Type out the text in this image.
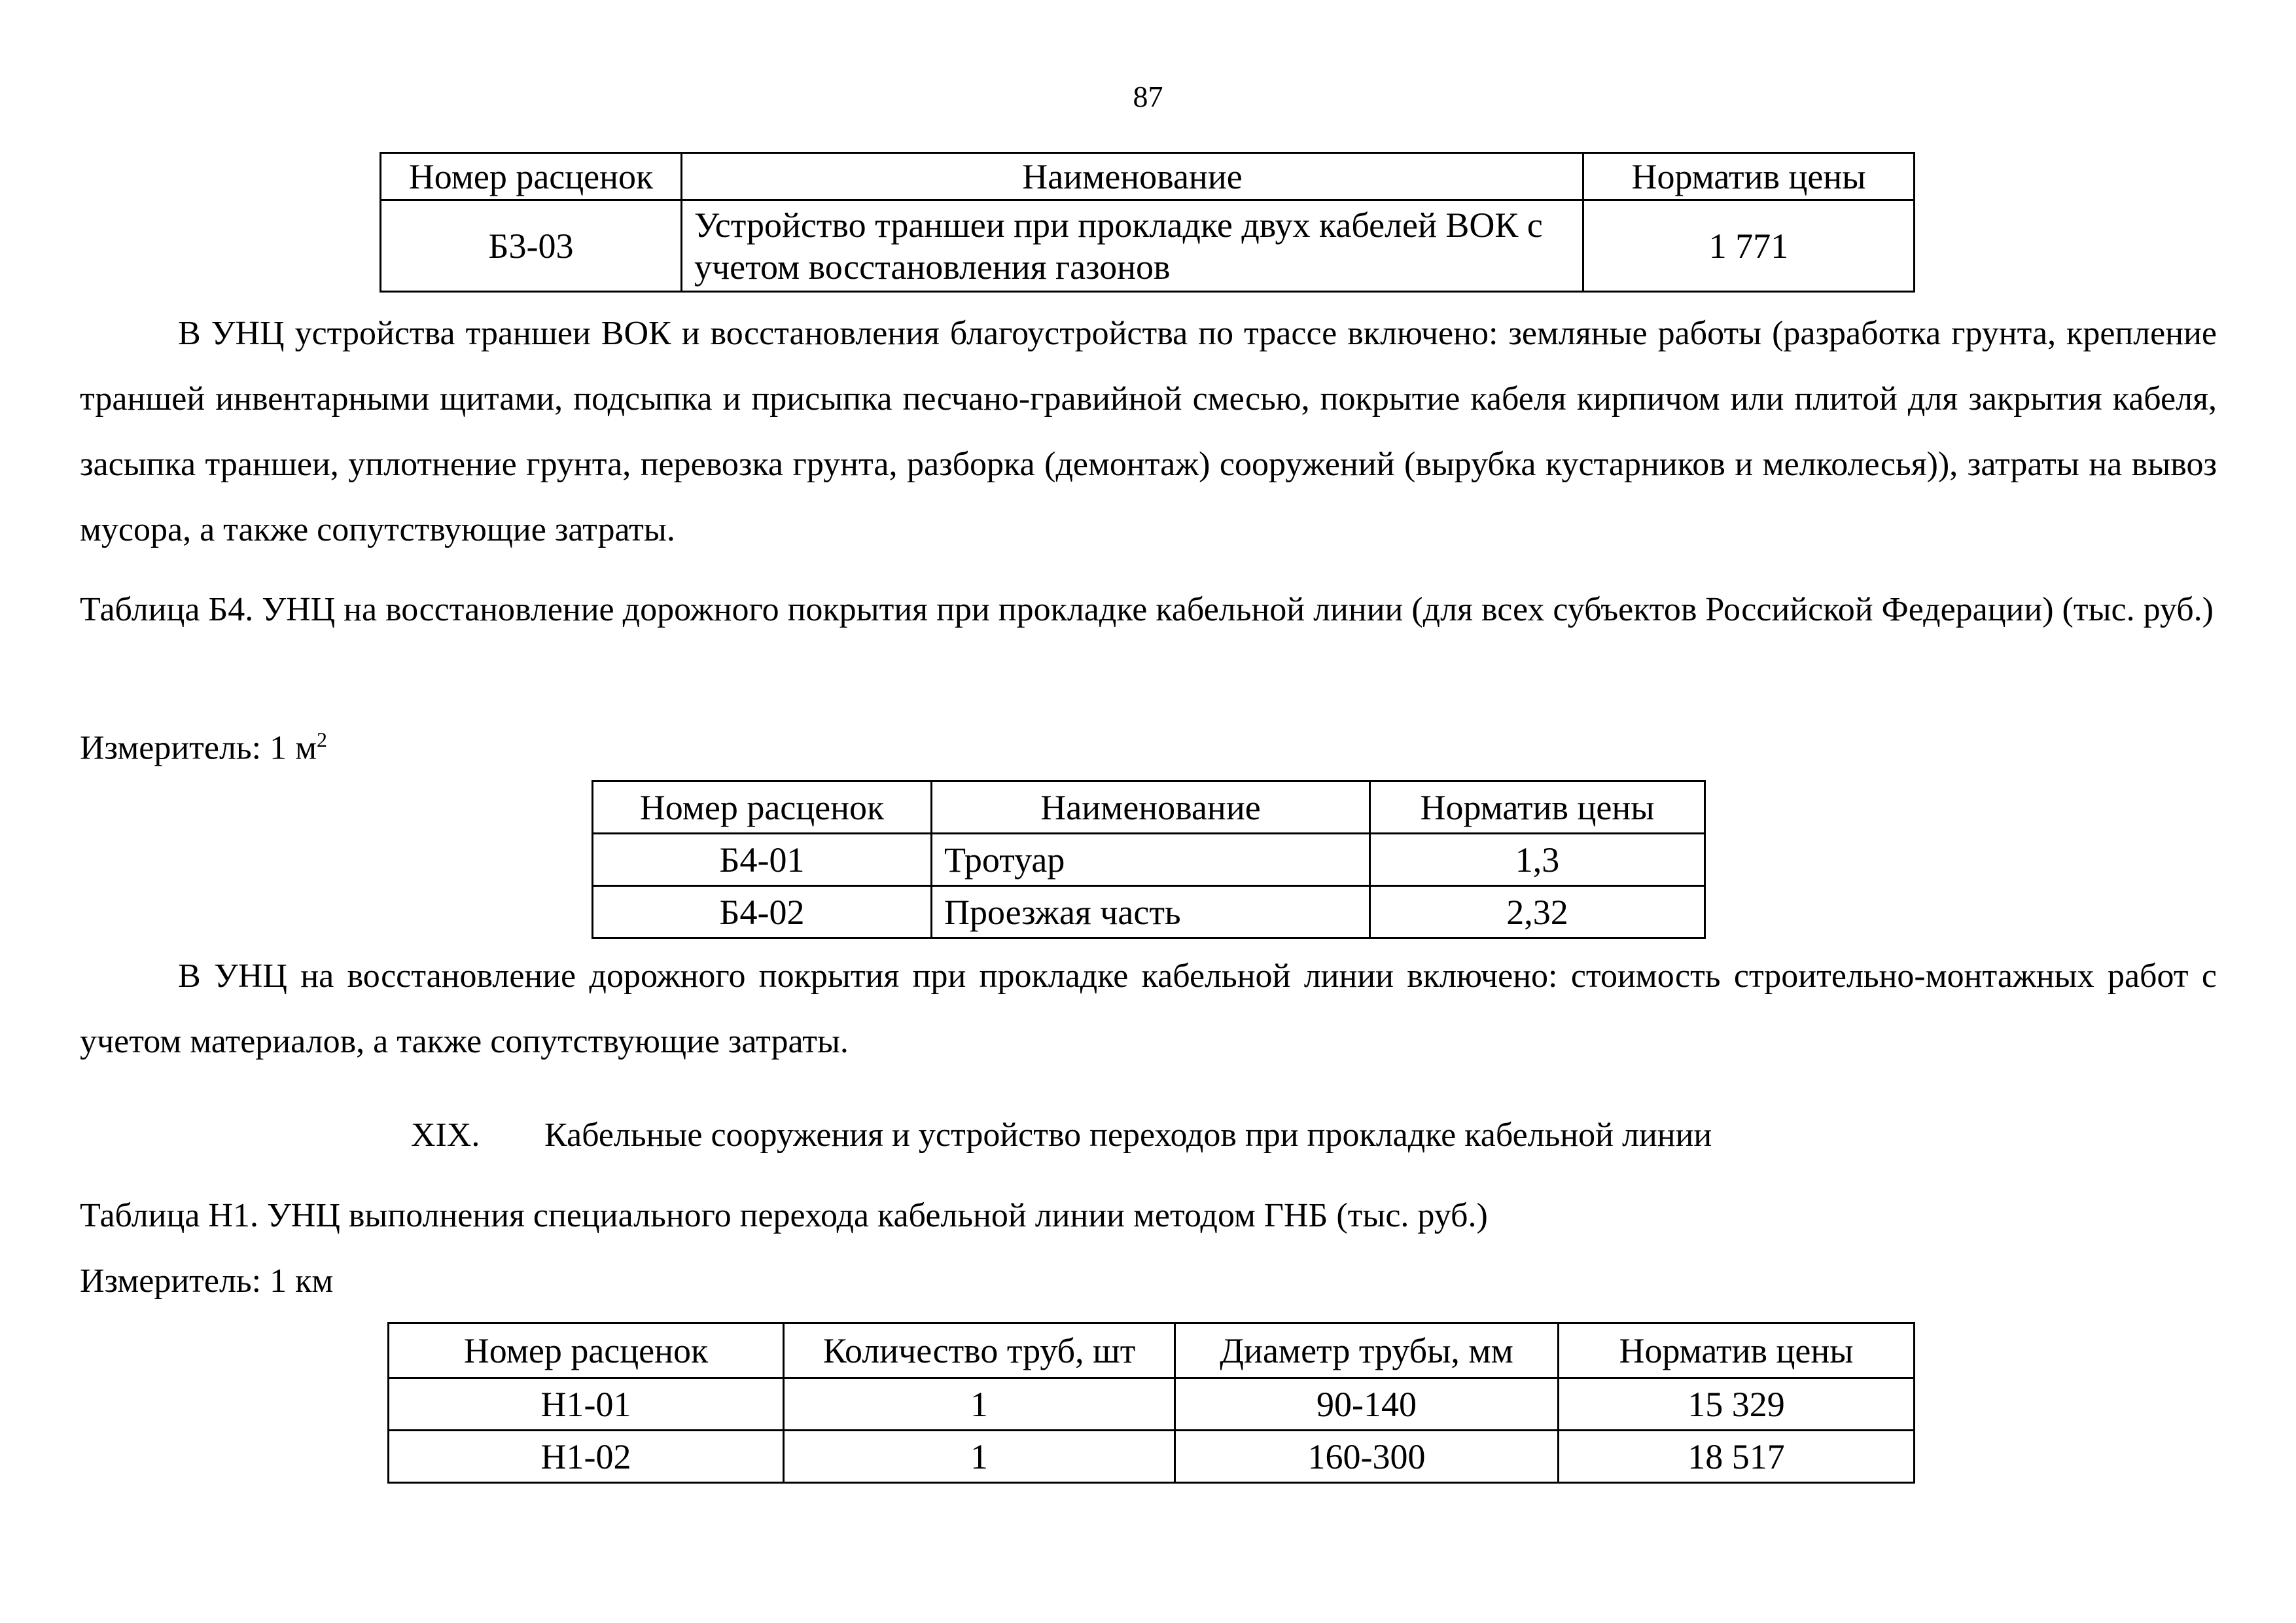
87
Номер расценок	Наименование	Норматив цены
Б3-03	Устройство траншеи при прокладке двух кабелей ВОК с учетом восстановления газонов	1 771
В УНЦ устройства траншеи ВОК и восстановления благоустройства по трассе включено: земляные работы (разработка грунта, крепление траншей инвентарными щитами, подсыпка и присыпка песчано-гравийной смесью, покрытие кабеля кирпичом или плитой для закрытия кабеля, засыпка траншеи, уплотнение грунта, перевозка грунта, разборка (демонтаж) сооружений (вырубка кустарников и мелколесья)), затраты на вывоз мусора, а также сопутствующие затраты.
Таблица Б4. УНЦ на восстановление дорожного покрытия при прокладке кабельной линии (для всех субъектов Российской Федерации) (тыс. руб.)
Измеритель: 1 $м^2$
Номер расценок	Наименование	Норматив цены
Б4-01	Тротуар	1,3
Б4-02	Проезжая часть	2,32
В УНЦ на восстановление дорожного покрытия при прокладке кабельной линии включено: стоимость строительно-монтажных работ с учетом материалов, а также сопутствующие затраты.
XIX. Кабельные сооружения и устройство переходов при прокладке кабельной линии
Таблица Н1. УНЦ выполнения специального перехода кабельной линии методом ГНБ (тыс. руб.)
Измеритель: 1 км
Номер расценок	Количество труб, шт	Диаметр трубы, мм	Норматив цены
Н1-01	1	90-140	15 329
Н1-02	1	160-300	18 517
